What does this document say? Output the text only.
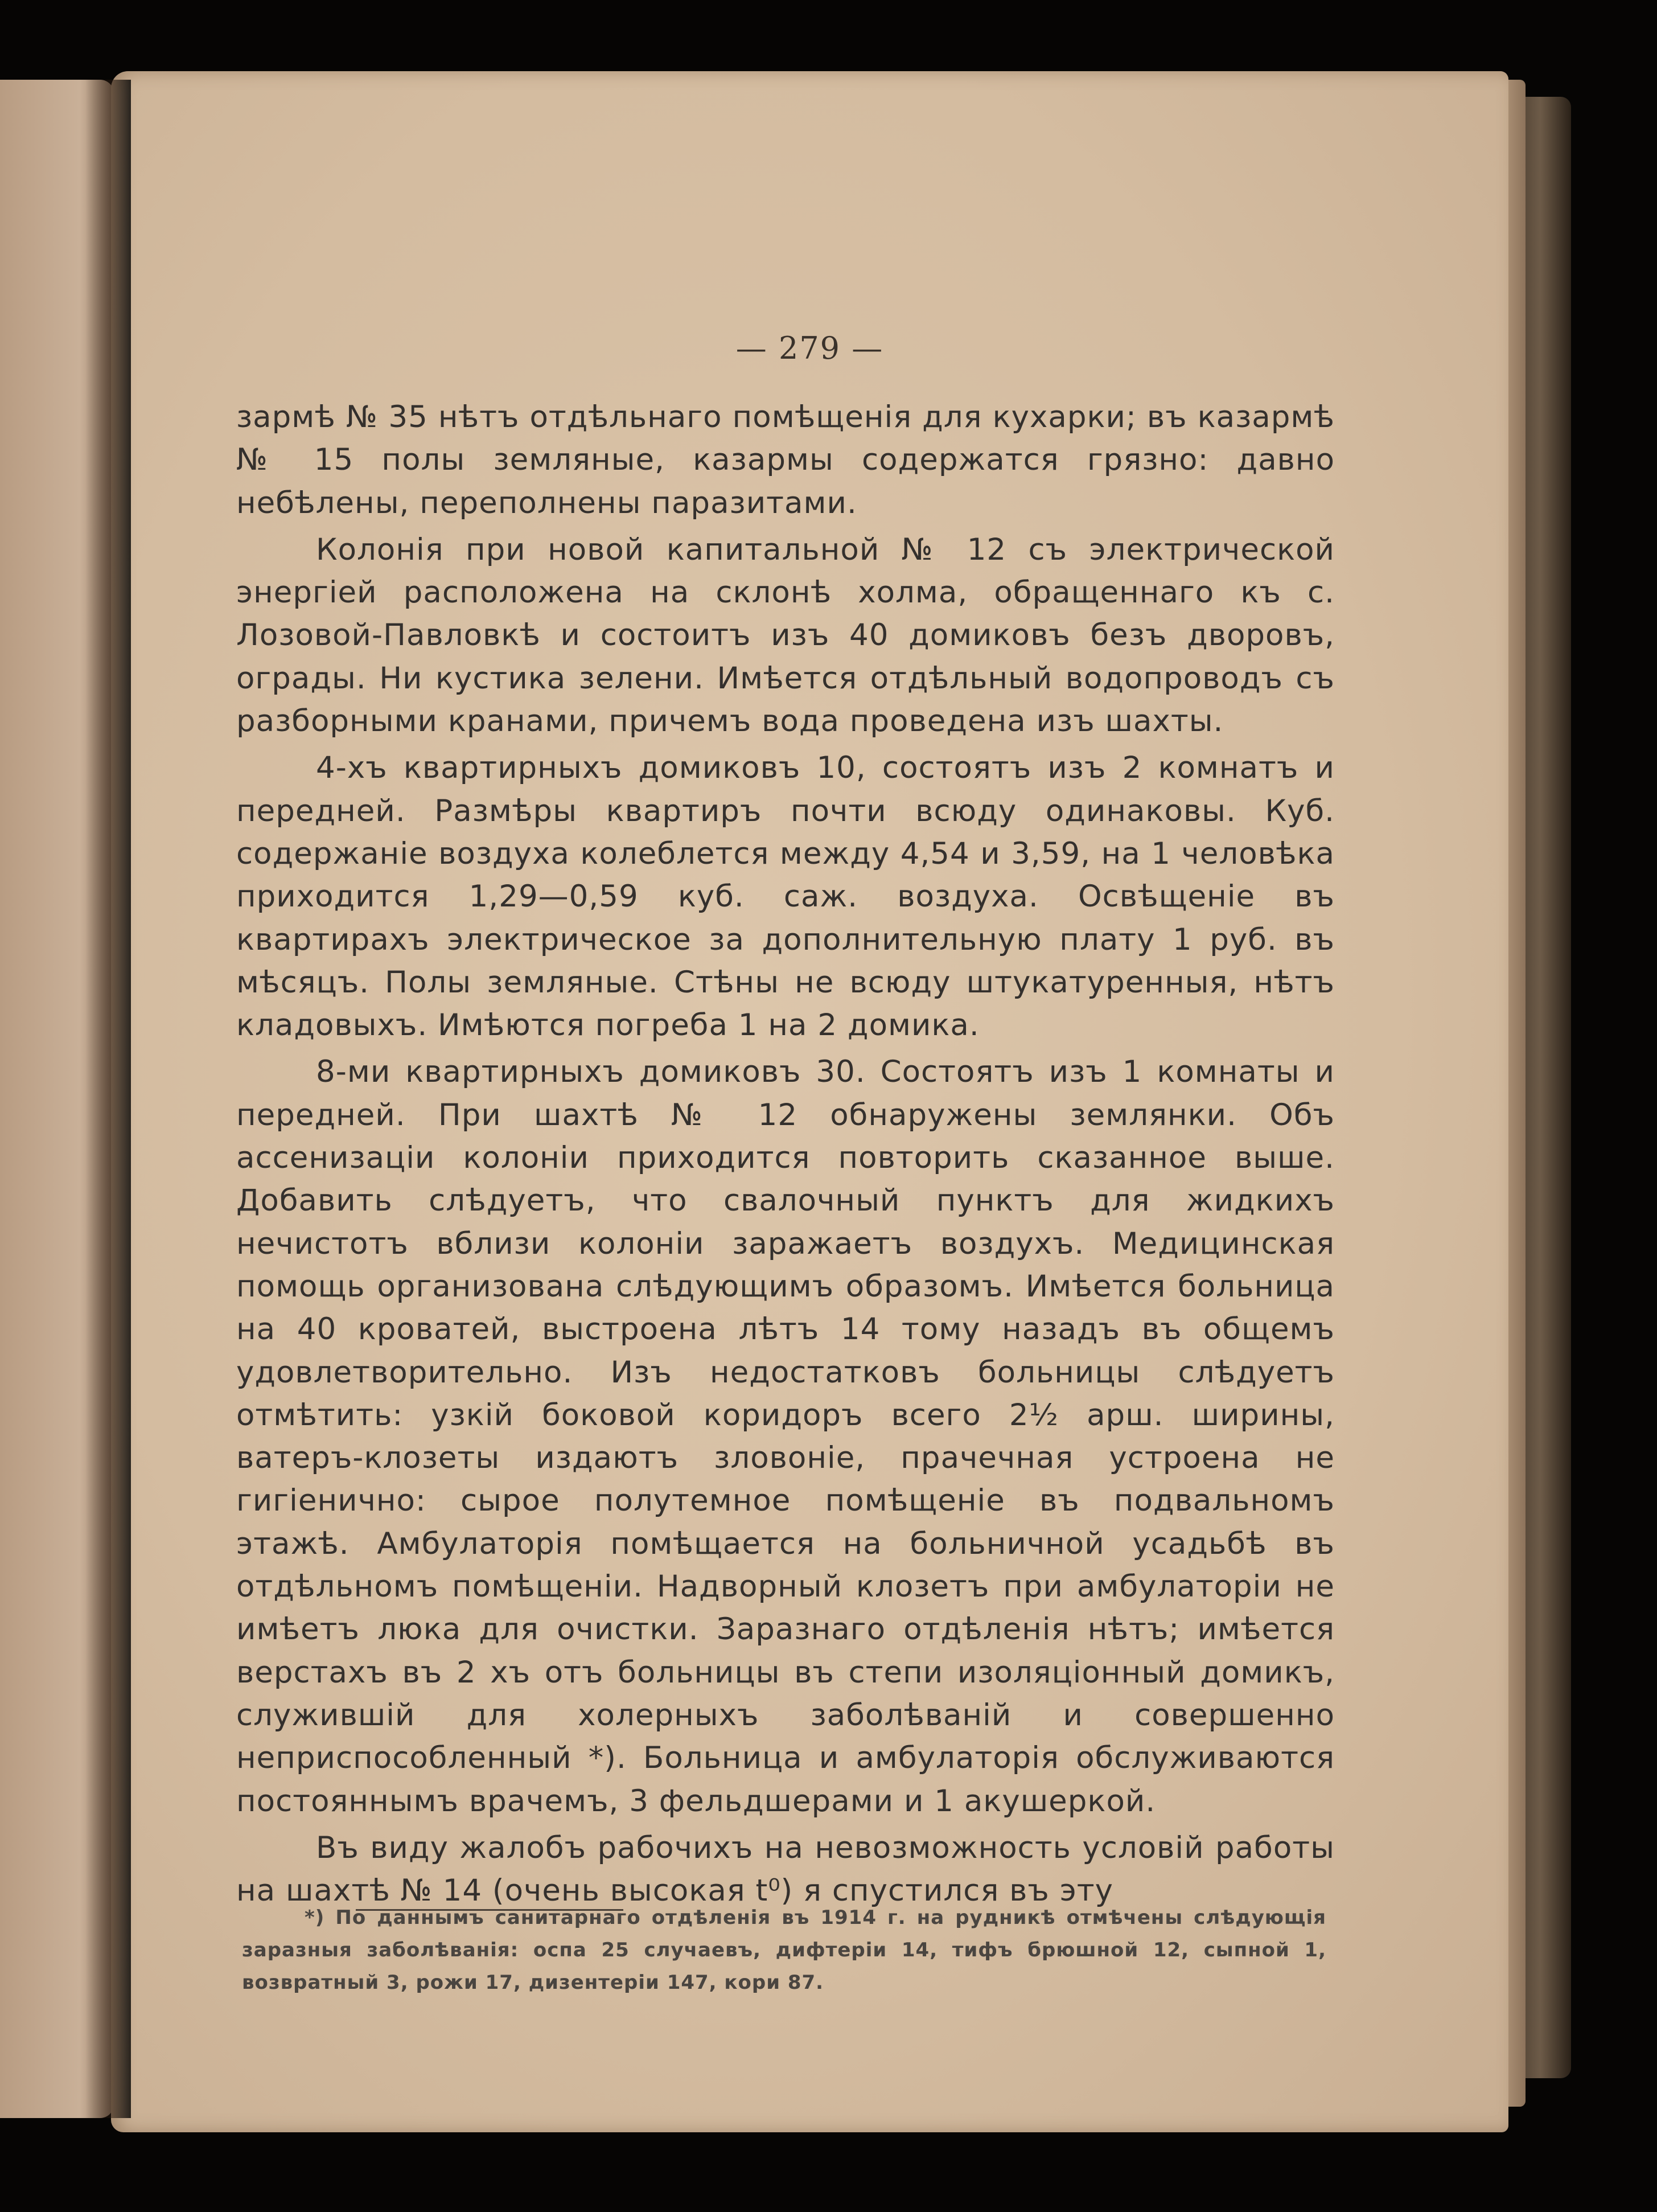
— 279 —

зармѣ № 35 нѣтъ отдѣльнаго помѣщенія для кухарки; въ казармѣ № 15 полы земляные, казармы содержатся грязно: давно небѣлены, переполнены паразитами.

Колонія при новой капитальной № 12 съ электрической энергіей расположена на склонѣ холма, обращеннаго къ с. Лозовой-Павловкѣ и состоитъ изъ 40 домиковъ безъ дворовъ, ограды. Ни кустика зелени. Имѣется отдѣльный водопроводъ съ разборными кранами, причемъ вода проведена изъ шахты.

4-хъ квартирныхъ домиковъ 10, состоятъ изъ 2 комнатъ и передней. Размѣры квартиръ почти всюду одинаковы. Куб. содержаніе воздуха колеблется между 4,54 и 3,59, на 1 человѣка приходится 1,29—0,59 куб. саж. воздуха. Освѣщеніе въ квартирахъ электрическое за дополнительную плату 1 руб. въ мѣсяцъ. Полы земляные. Стѣны не всюду штукатуренныя, нѣтъ кладовыхъ. Имѣются погреба 1 на 2 домика.

8-ми квартирныхъ домиковъ 30. Состоятъ изъ 1 комнаты и передней. При шахтѣ № 12 обнаружены землянки. Объ ассенизаціи колоніи приходится повторить сказанное выше. Добавить слѣдуетъ, что свалочный пунктъ для жидкихъ нечистотъ вблизи колоніи заражаетъ воздухъ. Медицинская помощь организована слѣдующимъ образомъ. Имѣется больница на 40 кроватей, выстроена лѣтъ 14 тому назадъ въ общемъ удовлетворительно. Изъ недостатковъ больницы слѣдуетъ отмѣтить: узкій боковой коридоръ всего 2½ арш. ширины, ватеръ-клозеты издаютъ зловоніе, прачечная устроена не гигіенично: сырое полутемное помѣщеніе въ подвальномъ этажѣ. Амбулаторія помѣщается на больничной усадьбѣ въ отдѣльномъ помѣщеніи. Надворный клозетъ при амбулаторіи не имѣетъ люка для очистки. Заразнаго отдѣленія нѣтъ; имѣется верстахъ въ 2 хъ отъ больницы въ степи изоляціонный домикъ, служившій для холерныхъ заболѣваній и совершенно неприспособленный *). Больница и амбулаторія обслуживаются постояннымъ врачемъ, 3 фельдшерами и 1 акушеркой.

Въ виду жалобъ рабочихъ на невозможность условій работы на шахтѣ № 14 (очень высокая t⁰) я спустился въ эту

*) По даннымъ санитарнаго отдѣленія въ 1914 г. на рудникѣ отмѣчены слѣдующія заразныя заболѣванія: оспа 25 случаевъ, дифтеріи 14, тифъ брюшной 12, сыпной 1, возвратный 3, рожи 17, дизентеріи 147, кори 87.
